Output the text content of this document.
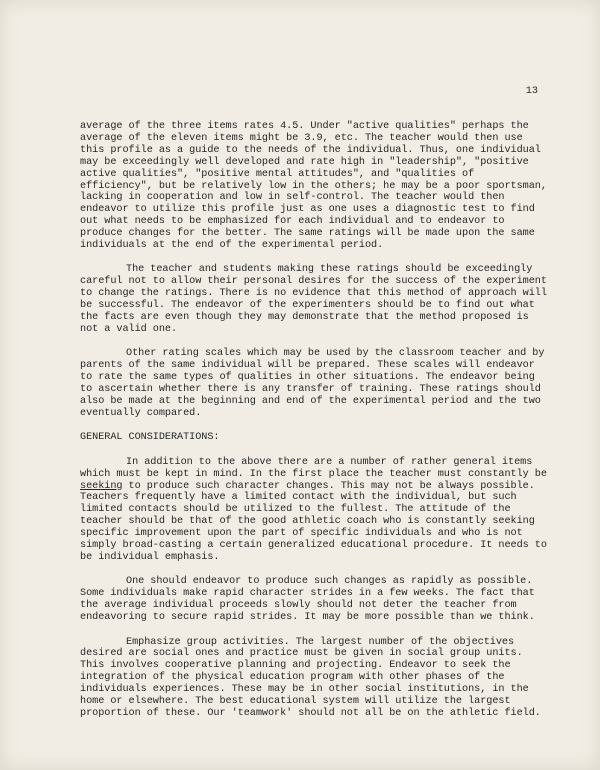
13

average of the three items rates 4.5. Under "active qualities" perhaps the average of the eleven items might be 3.9, etc. The teacher would then use this profile as a guide to the needs of the individual. Thus, one individual may be exceedingly well developed and rate high in "leadership", "positive active qualities", "positive mental attitudes", and "qualities of efficiency", but be relatively low in the others; he may be a poor sportsman, lacking in cooperation and low in self-control. The teacher would then endeavor to utilize this profile just as one uses a diagnostic test to find out what needs to be emphasized for each individual and to endeavor to produce changes for the better. The same ratings will be made upon the same individuals at the end of the experimental period.

The teacher and students making these ratings should be exceedingly careful not to allow their personal desires for the success of the experiment to change the ratings. There is no evidence that this method of approach will be successful. The endeavor of the experimenters should be to find out what the facts are even though they may demonstrate that the method proposed is not a valid one.

Other rating scales which may be used by the classroom teacher and by parents of the same individual will be prepared. These scales will endeavor to rate the same types of qualities in other situations. The endeavor being to ascertain whether there is any transfer of training. These ratings should also be made at the beginning and end of the experimental period and the two eventually compared.

GENERAL CONSIDERATIONS:

In addition to the above there are a number of rather general items which must be kept in mind. In the first place the teacher must constantly be seeking to produce such character changes. This may not be always possible. Teachers frequently have a limited contact with the individual, but such limited contacts should be utilized to the fullest. The attitude of the teacher should be that of the good athletic coach who is constantly seeking specific improvement upon the part of specific individuals and who is not simply broad-casting a certain generalized educational procedure. It needs to be individual emphasis.

One should endeavor to produce such changes as rapidly as possible. Some individuals make rapid character strides in a few weeks. The fact that the average individual proceeds slowly should not deter the teacher from endeavoring to secure rapid strides. It may be more possible than we think.

Emphasize group activities. The largest number of the objectives desired are social ones and practice must be given in social group units. This involves cooperative planning and projecting. Endeavor to seek the integration of the physical education program with other phases of the individuals experiences. These may be in other social institutions, in the home or elsewhere. The best educational system will utilize the largest proportion of these. Our 'teamwork' should not all be on the athletic field.
